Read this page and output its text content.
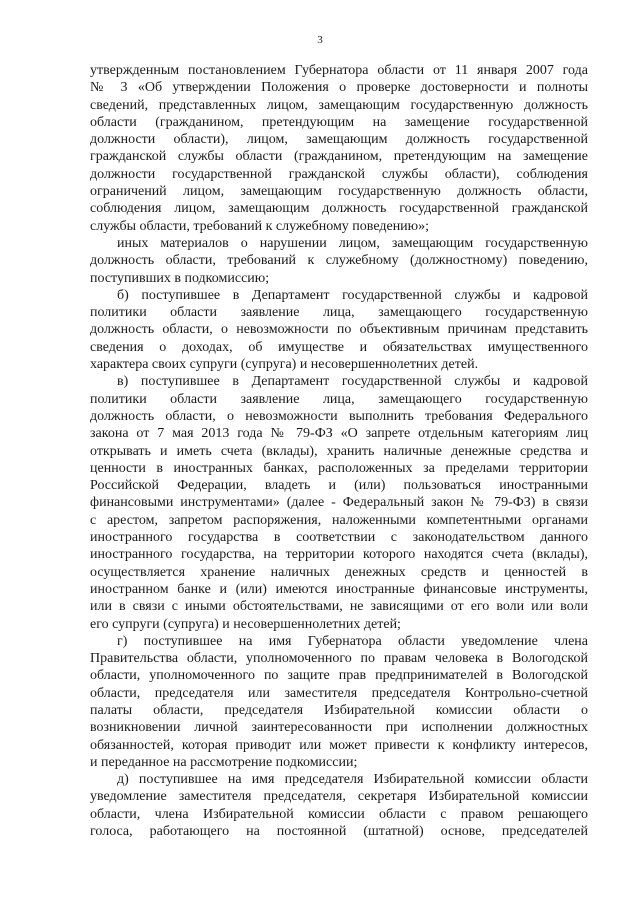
3

утвержденным постановлением Губернатора области от 11 января 2007 года
№ 3 «Об утверждении Положения о проверке достоверности и полноты
сведений, представленных лицом, замещающим государственную должность
области (гражданином, претендующим на замещение государственной
должности области), лицом, замещающим должность государственной
гражданской службы области (гражданином, претендующим на замещение
должности государственной гражданской службы области), соблюдения
ограничений лицом, замещающим государственную должность области,
соблюдения лицом, замещающим должность государственной гражданской
службы области, требований к служебному поведению»;

иных материалов о нарушении лицом, замещающим государственную
должность области, требований к служебному (должностному) поведению,
поступивших в подкомиссию;

б) поступившее в Департамент государственной службы и кадровой
политики области заявление лица, замещающего государственную
должность области, о невозможности по объективным причинам представить
сведения о доходах, об имуществе и обязательствах имущественного
характера своих супруги (супруга) и несовершеннолетних детей.

в) поступившее в Департамент государственной службы и кадровой
политики области заявление лица, замещающего государственную
должность области, о невозможности выполнить требования Федерального
закона от 7 мая 2013 года № 79-ФЗ «О запрете отдельным категориям лиц
открывать и иметь счета (вклады), хранить наличные денежные средства и
ценности в иностранных банках, расположенных за пределами территории
Российской Федерации, владеть и (или) пользоваться иностранными
финансовыми инструментами» (далее - Федеральный закон № 79-ФЗ) в связи
с арестом, запретом распоряжения, наложенными компетентными органами
иностранного государства в соответствии с законодательством данного
иностранного государства, на территории которого находятся счета (вклады),
осуществляется хранение наличных денежных средств и ценностей в
иностранном банке и (или) имеются иностранные финансовые инструменты,
или в связи с иными обстоятельствами, не зависящими от его воли или воли
его супруги (супруга) и несовершеннолетних детей;

г) поступившее на имя Губернатора области уведомление члена
Правительства области, уполномоченного по правам человека в Вологодской
области, уполномоченного по защите прав предпринимателей в Вологодской
области, председателя или заместителя председателя Контрольно-счетной
палаты области, председателя Избирательной комиссии области о
возникновении личной заинтересованности при исполнении должностных
обязанностей, которая приводит или может привести к конфликту интересов,
и переданное на рассмотрение подкомиссии;

д) поступившее на имя председателя Избирательной комиссии области
уведомление заместителя председателя, секретаря Избирательной комиссии
области, члена Избирательной комиссии области с правом решающего
голоса, работающего на постоянной (штатной) основе, председателей
